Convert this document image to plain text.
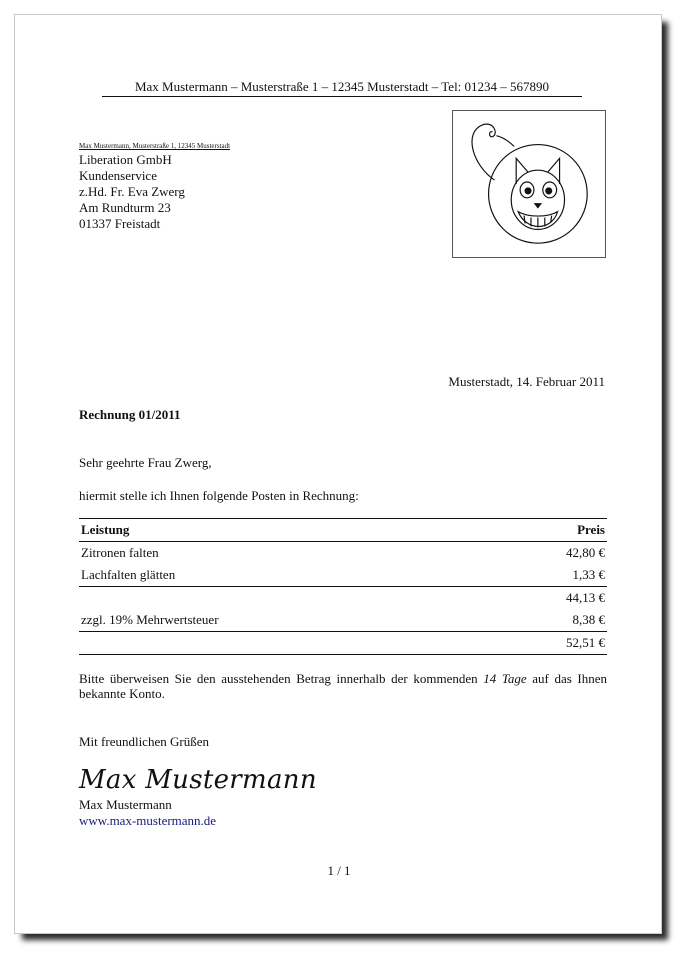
Max Mustermann – Musterstraße 1 – 12345 Musterstadt – Tel: 01234 – 567890
Max Mustermann, Musterstraße 1, 12345 Musterstadt
Liberation GmbH
Kundenservice
z.Hd. Fr. Eva Zwerg
Am Rundturm 23
01337 Freistadt
Musterstadt, 14. Februar 2011
Rechnung 01/2011
Sehr geehrte Frau Zwerg,
hiermit stelle ich Ihnen folgende Posten in Rechnung:
Leistung	Preis
Zitronen falten	42,80 €
Lachfalten glätten	1,33 €
	44,13 €
zzgl. 19% Mehrwertsteuer	8,38 €
	52,51 €
Bitte überweisen Sie den ausstehenden Betrag innerhalb der kommenden 14 Tage auf das Ihnen bekannte Konto.
Mit freundlichen Grüßen
Max Mustermann
Max Mustermann
www.max-mustermann.de
1 / 1
